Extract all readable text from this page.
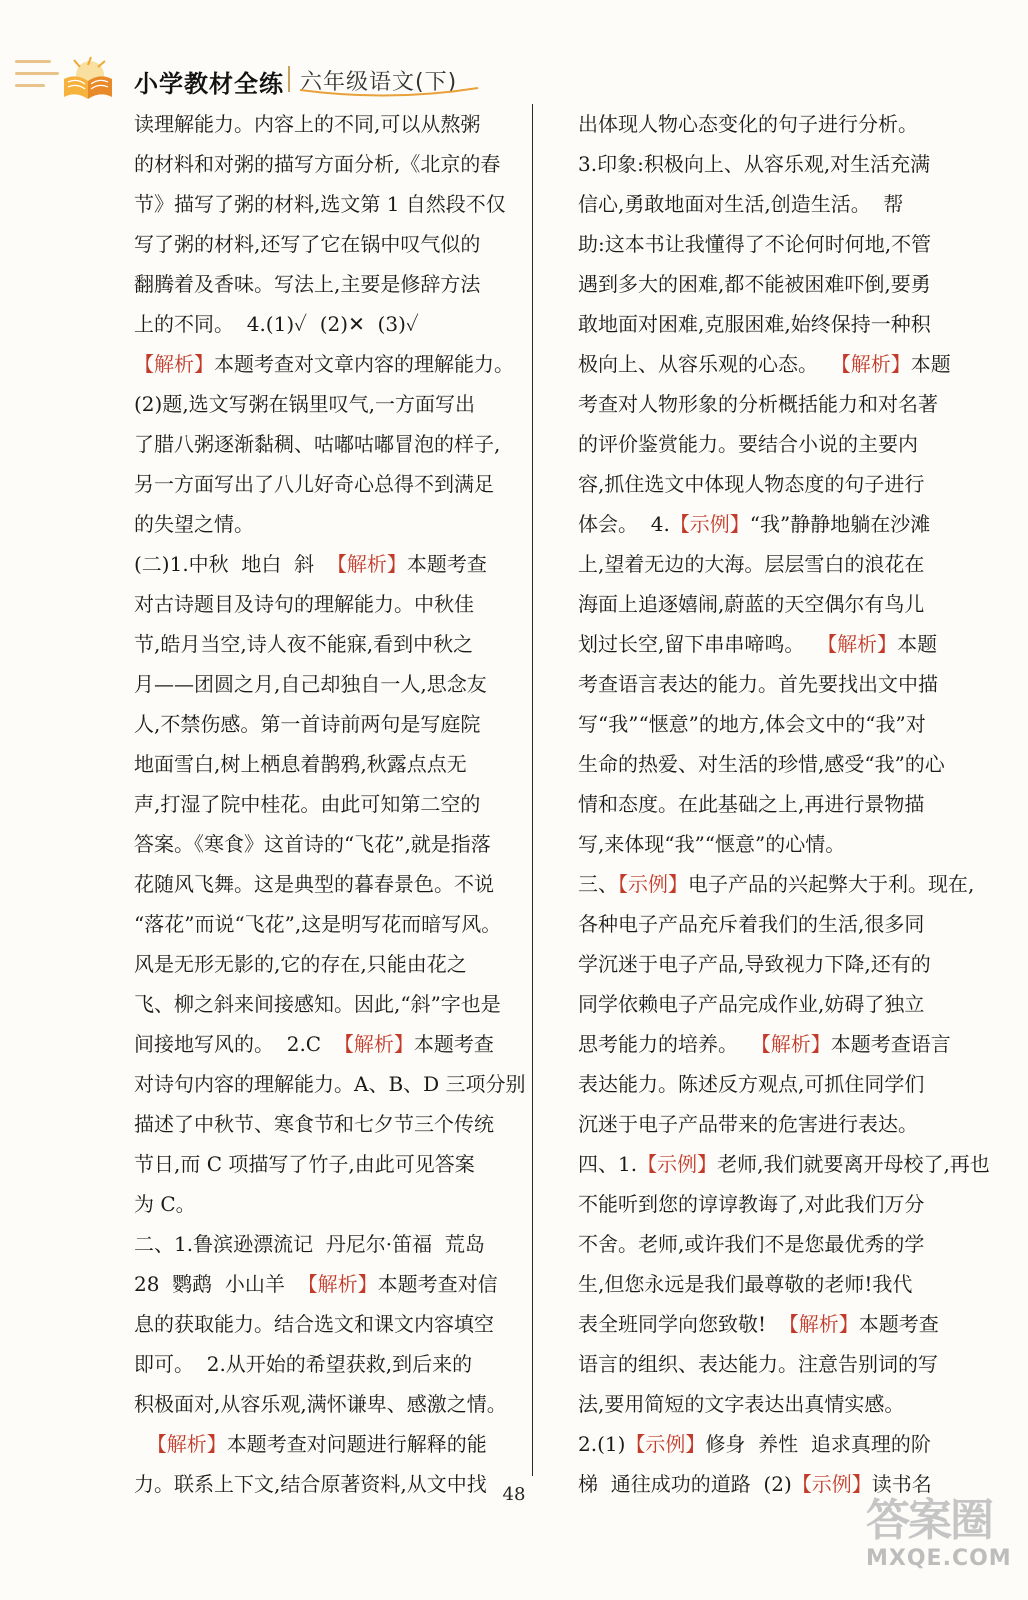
小学教材全练 六年级语文(下)
读理解能力。内容上的不同,可以从熬粥
的材料和对粥的描写方面分析,《北京的春
节》描写了粥的材料,选文第 1 自然段不仅
写了粥的材料,还写了它在锅中叹气似的
翻腾着及香味。写法上,主要是修辞方法
上的不同。  4.(1)✓  (2)✕  (3)✓
【解析】本题考查对文章内容的理解能力。
(2)题,选文写粥在锅里叹气,一方面写出
了腊八粥逐渐黏稠、咕嘟咕嘟冒泡的样子,
另一方面写出了八儿好奇心总得不到满足
的失望之情。
(二)1.中秋  地白  斜  【解析】本题考查
对古诗题目及诗句的理解能力。中秋佳
节,皓月当空,诗人夜不能寐,看到中秋之
月——团圆之月,自己却独自一人,思念友
人,不禁伤感。第一首诗前两句是写庭院
地面雪白,树上栖息着鹊鸦,秋露点点无
声,打湿了院中桂花。由此可知第二空的
答案。《寒食》这首诗的“飞花”,就是指落
花随风飞舞。这是典型的暮春景色。不说
“落花”而说“飞花”,这是明写花而暗写风。
风是无形无影的,它的存在,只能由花之
飞、柳之斜来间接感知。因此,“斜”字也是
间接地写风的。  2.C  【解析】本题考查
对诗句内容的理解能力。A、B、D 三项分别
描述了中秋节、寒食节和七夕节三个传统
节日,而 C 项描写了竹子,由此可见答案
为 C。
二、1.鲁滨逊漂流记  丹尼尔·笛福  荒岛
28  鹦鹉  小山羊  【解析】本题考查对信
息的获取能力。结合选文和课文内容填空
即可。  2.从开始的希望获救,到后来的
积极面对,从容乐观,满怀谦卑、感激之情。
【解析】本题考查对问题进行解释的能
力。联系上下文,结合原著资料,从文中找
出体现人物心态变化的句子进行分析。
3.印象:积极向上、从容乐观,对生活充满
信心,勇敢地面对生活,创造生活。  帮
助:这本书让我懂得了不论何时何地,不管
遇到多大的困难,都不能被困难吓倒,要勇
敢地面对困难,克服困难,始终保持一种积
极向上、从容乐观的心态。  【解析】本题
考查对人物形象的分析概括能力和对名著
的评价鉴赏能力。要结合小说的主要内
容,抓住选文中体现人物态度的句子进行
体会。  4.【示例】“我”静静地躺在沙滩
上,望着无边的大海。层层雪白的浪花在
海面上追逐嬉闹,蔚蓝的天空偶尔有鸟儿
划过长空,留下串串啼鸣。  【解析】本题
考查语言表达的能力。首先要找出文中描
写“我”“惬意”的地方,体会文中的“我”对
生命的热爱、对生活的珍惜,感受“我”的心
情和态度。在此基础之上,再进行景物描
写,来体现“我”“惬意”的心情。
三、【示例】电子产品的兴起弊大于利。现在,
各种电子产品充斥着我们的生活,很多同
学沉迷于电子产品,导致视力下降,还有的
同学依赖电子产品完成作业,妨碍了独立
思考能力的培养。  【解析】本题考查语言
表达能力。陈述反方观点,可抓住同学们
沉迷于电子产品带来的危害进行表达。
四、1.【示例】老师,我们就要离开母校了,再也
不能听到您的谆谆教诲了,对此我们万分
不舍。老师,或许我们不是您最优秀的学
生,但您永远是我们最尊敬的老师!我代
表全班同学向您致敬!  【解析】本题考查
语言的组织、表达能力。注意告别词的写
法,要用简短的文字表达出真情实感。
2.(1)【示例】修身  养性  追求真理的阶
梯  通往成功的道路  (2)【示例】读书名
48
答案圈
MXQE.COM
